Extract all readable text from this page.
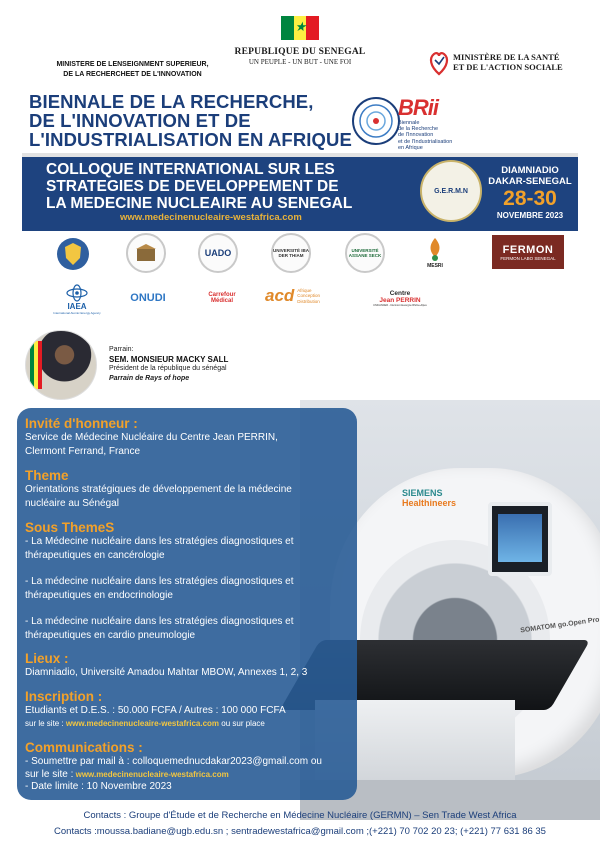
★
REPUBLIQUE DU SENEGAL
UN PEUPLE - UN BUT - UNE FOI
MINISTERE DE LENSEIGNMENT SUPERIEUR,
DE LA RECHERCHEET DE L'INNOVATION
MINISTÈRE DE LA SANTÉ
ET DE L'ACTION SOCIALE
BIENNALE DE LA RECHERCHE,
DE L'INNOVATION ET DE
L'INDUSTRIALISATION EN AFRIQUE
BRii
Biennale
de la Recherche
de l'Innovation
et de l'Industrialisation
en Afrique
COLLOQUE INTERNATIONAL SUR LES
STRATEGIES DE DEVELOPPEMENT DE
LA MEDECINE NUCLEAIRE AU SENEGAL
www.medecinenucleaire-westafrica.com
G.E.R.M.N
DIAMNIADIO
DAKAR-SENEGAL
28-30
NOVEMBRE 2023
UADO	UNIVERSITÉ IBA DER THIAM
UNIVERSITÉ ASSANE SECK
MESRI
FERMON
FERMON LABO SENEGAL
IAEA
International Atomic Energy Agency
ONUDI	Carrefour Médical	acd Afrique
Conception
Distribution
Centre
Jean PERRIN
UNICANCER - Clermont Auvergne Rhône-Alpes
Parrain:
SEM. MONSIEUR MACKY SALL
Président de la république du sénégal
Parrain de Rays of hope
SIEMENS
Healthineers
SOMATOM go.Open Pro
Invité d'honneur :
Service de Médecine Nucléaire du Centre Jean PERRIN,
Clermont Ferrand, France
Theme
Orientations stratégiques de développement de la médecine
nucléaire au Sénégal
Sous ThemeS
- La Médecine nucléaire dans les stratégies diagnostiques et
thérapeutiques en cancérologie
- La médecine nucléaire dans les stratégies diagnostiques et
thérapeutiques en endocrinologie
- La médecine nucléaire dans les stratégies diagnostiques et
thérapeutiques en cardio pneumologie
Lieux :
Diamniadio, Université Amadou Mahtar MBOW, Annexes 1, 2, 3
Inscription :
Etudiants et D.E.S. : 50.000 FCFA / Autres : 100 000 FCFA
sur le site : www.medecinenucleaire-westafrica.com ou sur place
Communications :
- Soumettre par mail à : colloquemednucdakar2023@gmail.com ou
sur le site : www.medecinenucleaire-westafrica.com
- Date limite : 10 Novembre 2023
Contacts : Groupe d'Étude et de Recherche en Médecine Nucléaire (GERMN) – Sen Trade West Africa
Contacts :moussa.badiane@ugb.edu.sn ; sentradewestafrica@gmail.com ;(+221) 70 702 20 23; (+221) 77 631 86 35
